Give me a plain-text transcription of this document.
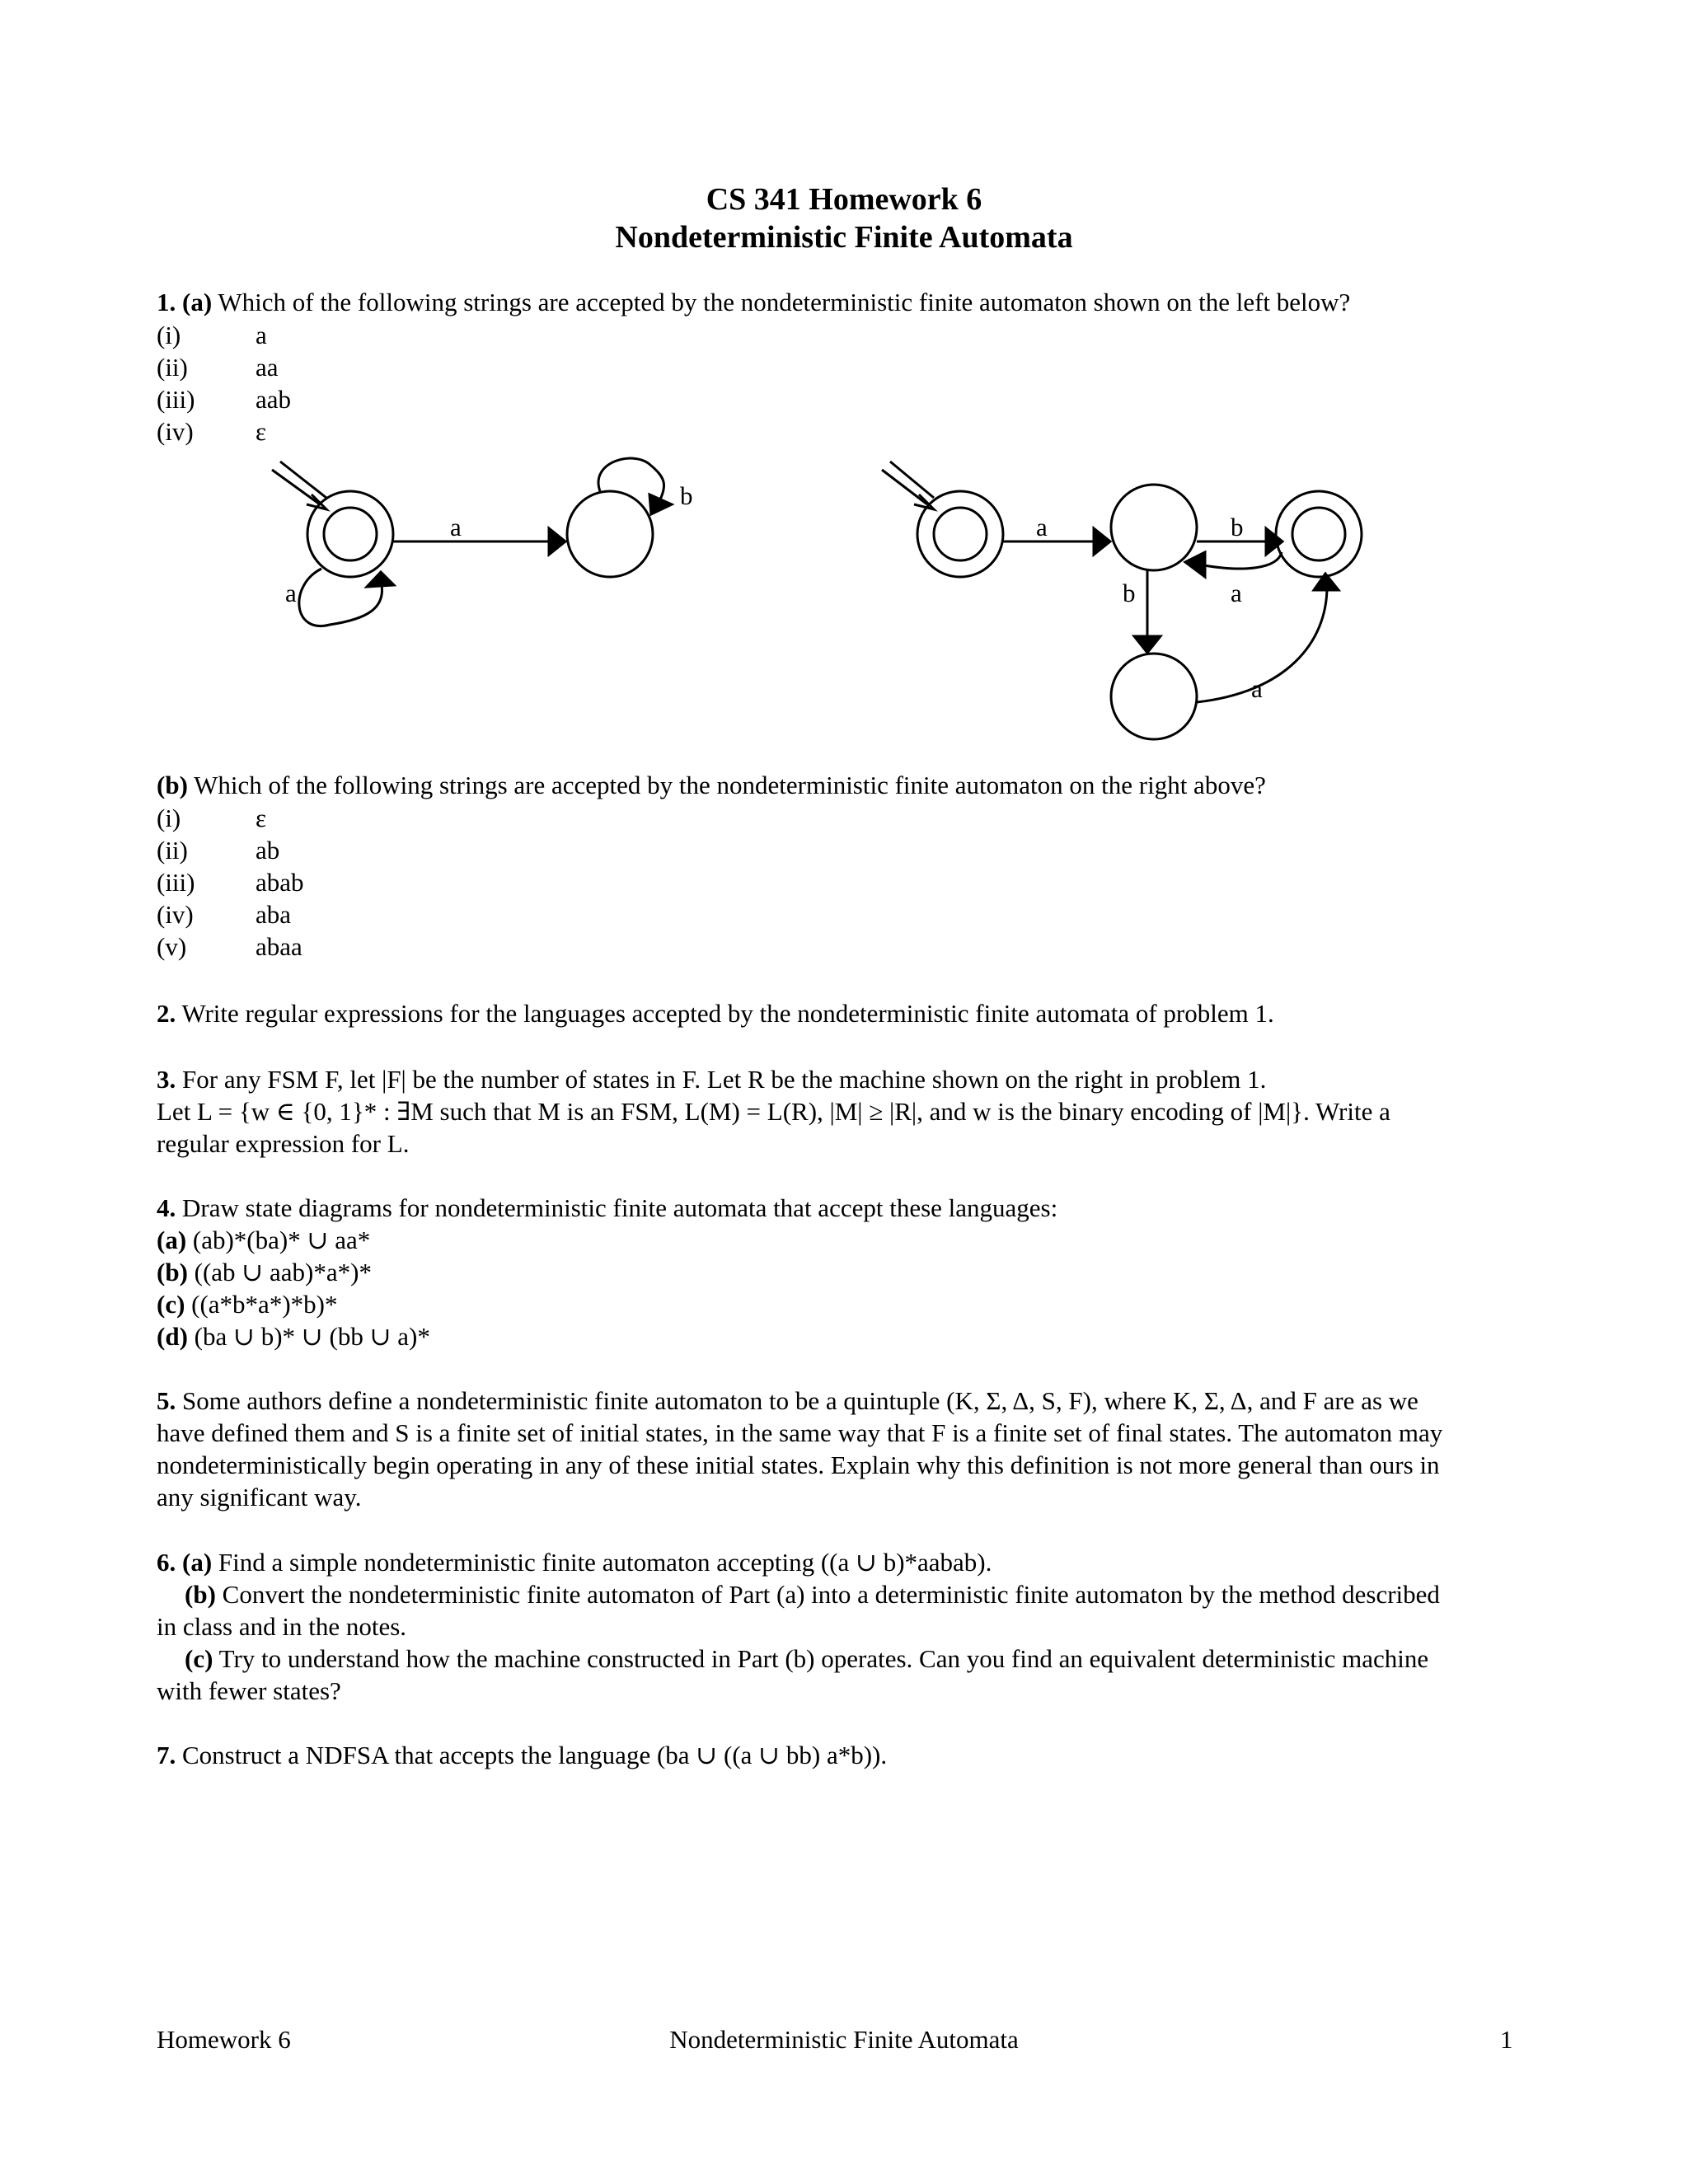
CS 341 Homework 6
Nondeterministic Finite Automata
1. (a) Which of the following strings are accepted by the nondeterministic finite automaton shown on the left below?
(i)	a
(ii)	aa
(iii) aab
(iv) ε
a
a
b
a	b
a
b
a
(b) Which of the following strings are accepted by the nondeterministic finite automaton on the right above?
(i)	ε
(ii)	ab
(iii) abab
(iv) aba
(v)	abaa
2. Write regular expressions for the languages accepted by the nondeterministic finite automata of problem 1.
3. For any FSM F, let |F| be the number of states in F. Let R be the machine shown on the right in problem 1.
Let L = {w ∈ {0, 1}* : ∃M such that M is an FSM, L(M) = L(R), |M| ≥ |R|, and w is the binary encoding of |M|}. Write a
regular expression for L.
4. Draw state diagrams for nondeterministic finite automata that accept these languages:
(a) (ab)*(ba)* ∪ aa*
(b) ((ab ∪ aab)*a*)*
(c) ((a*b*a*)*b)*
(d) (ba ∪ b)* ∪ (bb ∪ a)*
5. Some authors define a nondeterministic finite automaton to be a quintuple (K, Σ, Δ, S, F), where K, Σ, Δ, and F are as we
have defined them and S is a finite set of initial states, in the same way that F is a finite set of final states. The automaton may
nondeterministically begin operating in any of these initial states. Explain why this definition is not more general than ours in
any significant way.
6. (a) Find a simple nondeterministic finite automaton accepting ((a ∪ b)*aabab).
(b) Convert the nondeterministic finite automaton of Part (a) into a deterministic finite automaton by the method described
in class and in the notes.
(c) Try to understand how the machine constructed in Part (b) operates. Can you find an equivalent deterministic machine
with fewer states?
7. Construct a NDFSA that accepts the language (ba ∪ ((a ∪ bb) a*b)).
Homework 6	Nondeterministic Finite Automata	1
